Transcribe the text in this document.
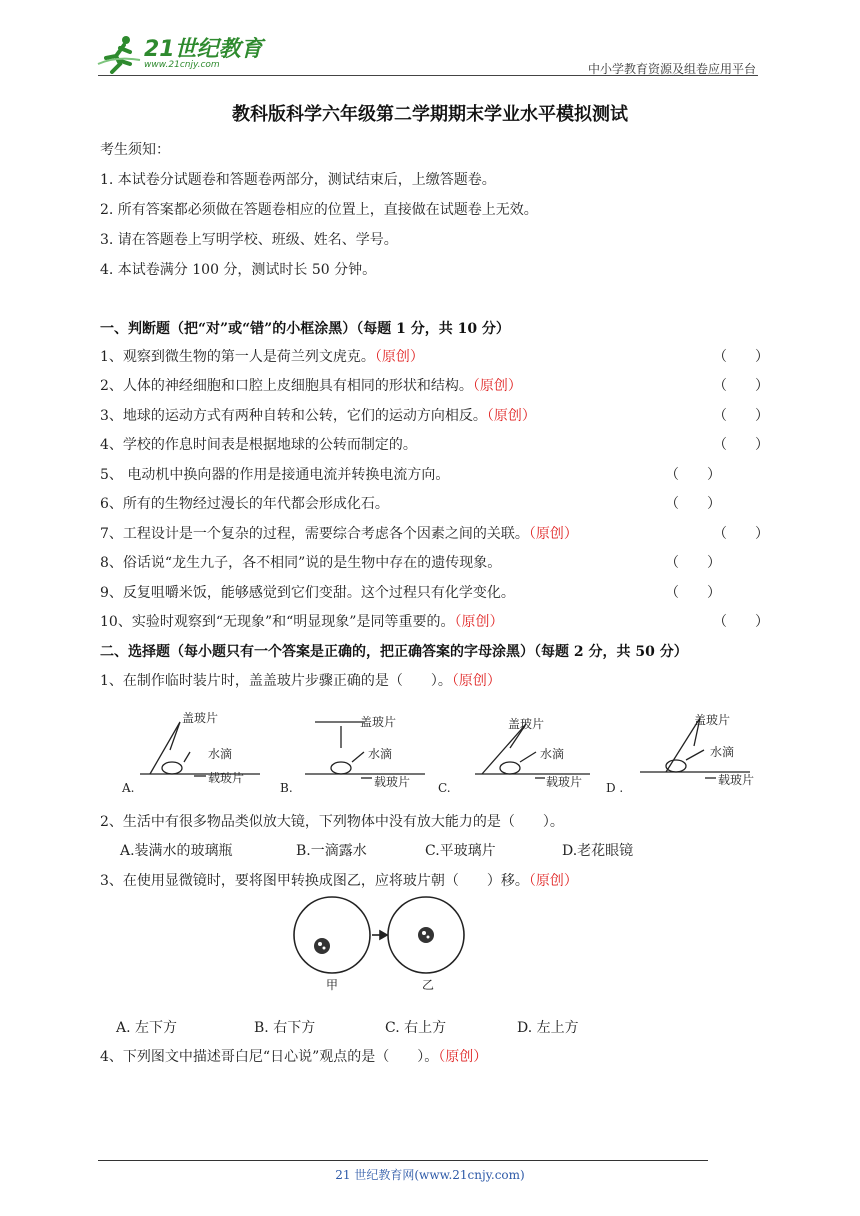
21世纪教育
www.21cnjy.com	中小学教育资源及组卷应用平台
教科版科学六年级第二学期期末学业水平模拟测试
考生须知：
1. 本试卷分试题卷和答题卷两部分，测试结束后，上缴答题卷。
2. 所有答案都必须做在答题卷相应的位置上，直接做在试题卷上无效。
3. 请在答题卷上写明学校、班级、姓名、学号。
4. 本试卷满分 100 分，测试时长 50 分钟。
一、判断题（把“对”或“错”的小框涂黑）（每题 1 分，共 10 分）
1、观察到微生物的第一人是荷兰列文虎克。（原创）	（　　）
2、人体的神经细胞和口腔上皮细胞具有相同的形状和结构。（原创）	（　　）
3、地球的运动方式有两种自转和公转，它们的运动方向相反。（原创）	（　　）
4、学校的作息时间表是根据地球的公转而制定的。	（　　）
5、 电动机中换向器的作用是接通电流并转换电流方向。	（　　）
6、所有的生物经过漫长的年代都会形成化石。	（　　）
7、工程设计是一个复杂的过程，需要综合考虑各个因素之间的关联。（原创）	（　　）
8、俗话说“龙生九子，各不相同”说的是生物中存在的遗传现象。	（　　）
9、反复咀嚼米饭，能够感觉到它们变甜。这个过程只有化学变化。	（　　）
10、实验时观察到“无现象”和“明显现象”是同等重要的。（原创）	（　　）
二、选择题（每小题只有一个答案是正确的，把正确答案的字母涂黑）（每题 2 分，共 50 分）
1、在制作临时装片时，盖盖玻片步骤正确的是（　　）。（原创）
盖玻片
水滴
载玻片
盖玻片
水滴
载玻片
盖玻片
水滴
载玻片
盖玻片
水滴
载玻片
A.	B.	C.	D .
2、生活中有很多物品类似放大镜，下列物体中没有放大能力的是（　　）。
A.装满水的玻璃瓶	B.一滴露水	C.平玻璃片	D.老花眼镜
3、在使用显微镜时，要将图甲转换成图乙，应将玻片朝（　　）移。（原创）
甲	乙
A. 左下方	B. 右下方	C. 右上方	D. 左上方
4、下列图文中描述哥白尼“日心说”观点的是（　　）。（原创）
21 世纪教育网(www.21cnjy.com)
